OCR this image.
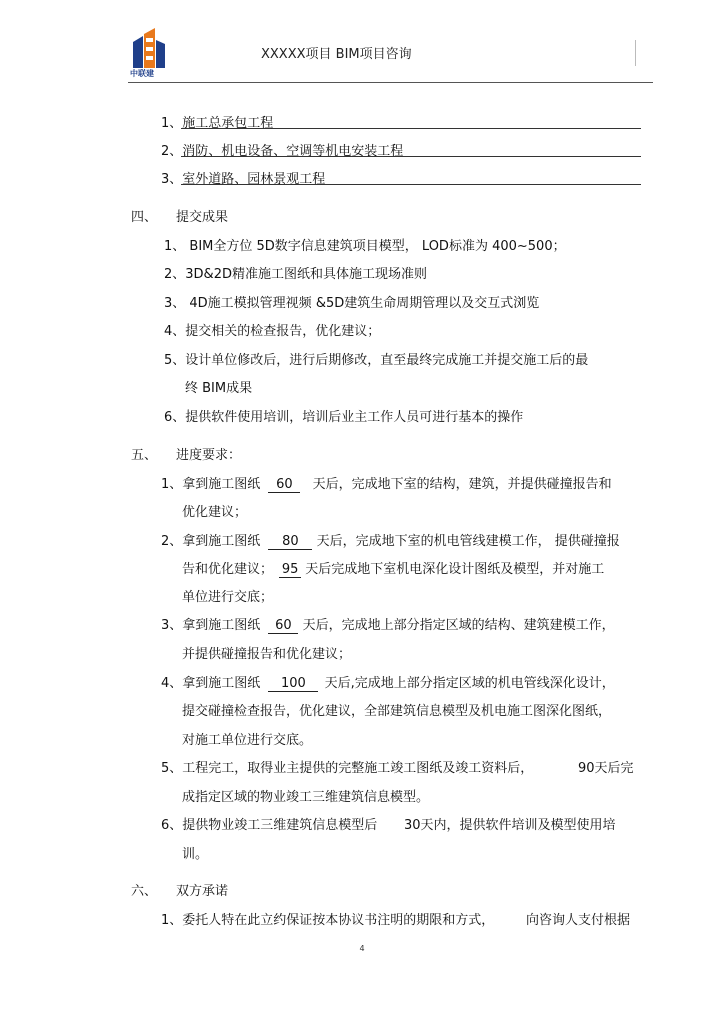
中联建
XXXXX项目 BIM项目咨询
1、施工总承包工程
2、消防、机电设备、空调等机电安装工程
3、室外道路、园林景观工程
四、 提交成果
1、 BIM全方位 5D数字信息建筑项目模型， LOD标准为 400~500；
2、3D&2D精准施工图纸和具体施工现场准则
3、 4D施工模拟管理视频 &5D建筑生命周期管理以及交互式浏览
4、提交相关的检查报告，优化建议；
5、设计单位修改后，进行后期修改，直至最终完成施工并提交施工后的最
终 BIM成果
6、提供软件使用培训，培训后业主工作人员可进行基本的操作
五、 进度要求：
1、拿到施工图纸 60 天后，完成地下室的结构，建筑，并提供碰撞报告和
优化建议；
2、拿到施工图纸 80 天后，完成地下室的机电管线建模工作， 提供碰撞报
告和优化建议； 95 天后完成地下室机电深化设计图纸及模型，并对施工
单位进行交底；
3、拿到施工图纸 60 天后，完成地上部分指定区域的结构、建筑建模工作，
并提供碰撞报告和优化建议；
4、拿到施工图纸 100 天后,完成地上部分指定区域的机电管线深化设计，
提交碰撞检查报告，优化建议，全部建筑信息模型及机电施工图深化图纸，
对施工单位进行交底。
5、工程完工，取得业主提供的完整施工竣工图纸及竣工资料后，	90天后完
成指定区域的物业竣工三维建筑信息模型。
6、提供物业竣工三维建筑信息模型后 30天内，提供软件培训及模型使用培
训。
六、 双方承诺
1、委托人特在此立约保证按本协议书注明的期限和方式， 向咨询人支付根据
4
